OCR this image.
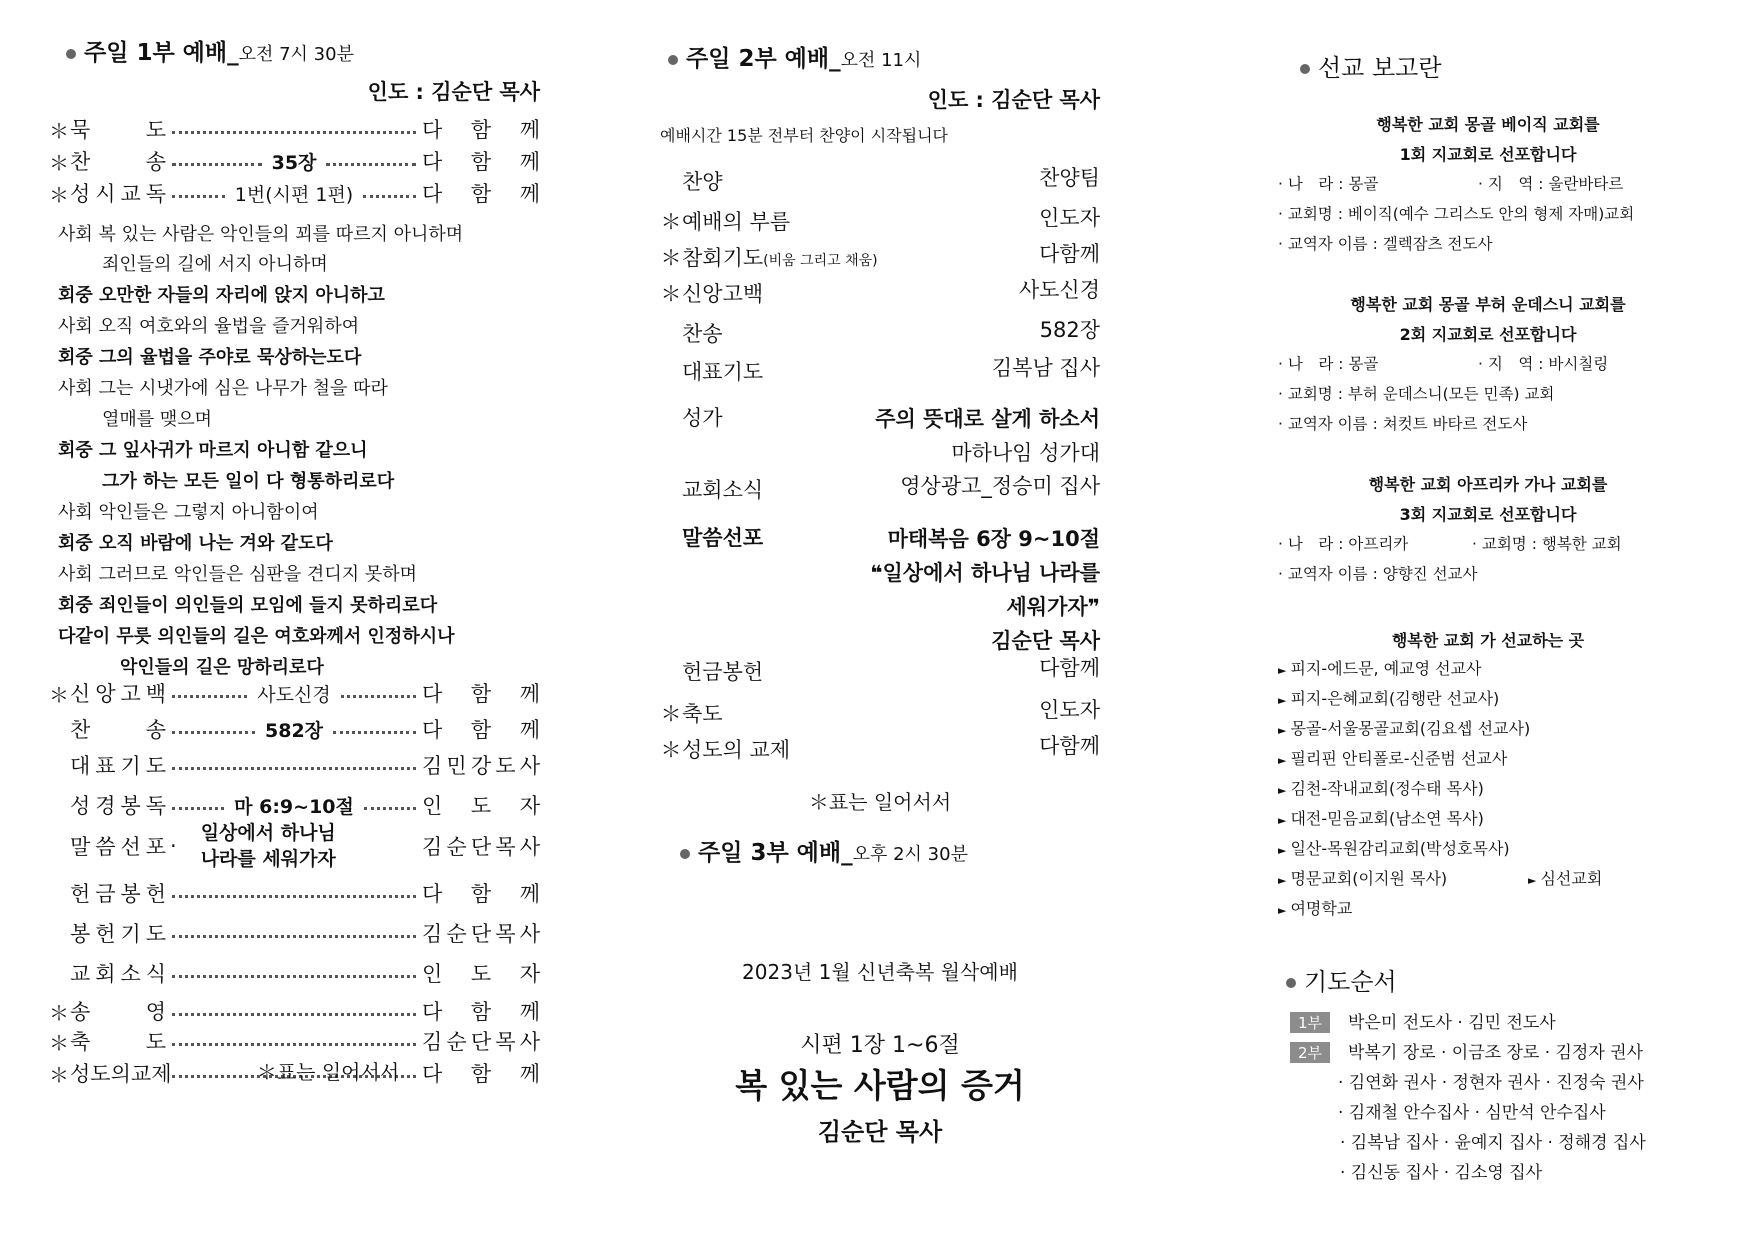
주일 1부 예배_오전 7시 30분
인도 : 김순단 목사
＊ 묵	도	다 함 께
＊ 찬	송	35장	다 함 께
＊ 성 시 교 독	1번(시편 1편)	다 함 께
사회 복 있는 사람은 악인들의 꾀를 따르지 아니하며
죄인들의 길에 서지 아니하며
회중 오만한 자들의 자리에 앉지 아니하고
사회 오직 여호와의 율법을 즐거워하여
회중 그의 율법을 주야로 묵상하는도다
사회 그는 시냇가에 심은 나무가 철을 따라
열매를 맺으며
회중 그 잎사귀가 마르지 아니함 같으니
그가 하는 모든 일이 다 형통하리로다
사회 악인들은 그렇지 아니함이여
회중 오직 바람에 나는 겨와 같도다
사회 그러므로 악인들은 심판을 견디지 못하며
회중 죄인들이 의인들의 모임에 들지 못하리로다
다같이 무릇 의인들의 길은 여호와께서 인정하시나
악인들의 길은 망하리로다
＊ 신 앙 고 백	사도신경	다 함 께
찬	송	582장	다 함 께
대 표 기 도	김 민 강 도 사
성 경 봉 독	마 6:9~10절	인 도 자
말 씀 선 포 ·
일상에서 하나님
나라를 세워가자	김 순 단 목 사
헌 금 봉 헌	다 함 께
봉 헌 기 도	김 순 단 목 사
교 회 소 식	인 도 자
＊ 송	영	다 함 께
＊ 축	도	김 순 단 목 사
＊ 성 도 의 교 제	다 함 께
＊표는 일어서서
주일 2부 예배_오전 11시
인도 : 김순단 목사
예배시간 15분 전부터 찬양이 시작됩니다
찬양	찬양팀
＊ 예배의 부름	인도자
＊ 참회기도(비움 그리고 채움)	다함께
＊ 신앙고백	사도신경
찬송	582장
대표기도	김복남 집사
성가	주의 뜻대로 살게 하소서
마하나임 성가대
교회소식	영상광고_정승미 집사
말씀선포	마태복음 6장 9~10절
❝일상에서 하나님 나라를
세워가자❞
김순단 목사
헌금봉헌	다함께
＊ 축도	인도자
＊ 성도의 교제	다함께
＊표는 일어서서
주일 3부 예배_오후 2시 30분
2023년 1월 신년축복 월삭예배
시편 1장 1~6절
복 있는 사람의 증거
김순단 목사
선교 보고란
행복한 교회 몽골 베이직 교회를
1회 지교회로 선포합니다
· 나　라 : 몽골	· 지　역 : 울란바타르
· 교회명 : 베이직(예수 그리스도 안의 형제 자매)교회
· 교역자 이름 : 겔렉잠츠 전도사
행복한 교회 몽골 부허 운데스니 교회를
2회 지교회로 선포합니다
· 나　라 : 몽골	· 지　역 : 바시칠링
· 교회명 : 부허 운데스니(모든 민족) 교회
· 교역자 이름 : 쳐컷트 바타르 전도사
행복한 교회 아프리카 가나 교회를
3회 지교회로 선포합니다
· 나　라 : 아프리카	· 교회명 : 행복한 교회
· 교역자 이름 : 양향진 선교사
행복한 교회 가 선교하는 곳
► 피지-에드문, 예교영 선교사
► 피지-은혜교회(김행란 선교사)
► 몽골-서울몽골교회(김요셉 선교사)
► 필리핀 안티폴로-신준범 선교사
► 김천-작내교회(정수태 목사)
► 대전-믿음교회(남소연 목사)
► 일산-목원감리교회(박성호목사)
► 명문교회(이지원 목사)
► 여명학교
► 심선교회
기도순서
1부 박은미 전도사 · 김민 전도사
2부 박복기 장로 · 이금조 장로 · 김정자 권사
· 김연화 권사 · 정현자 권사 · 진정숙 권사
· 김재철 안수집사 · 심만석 안수집사
· 김복남 집사 · 윤예지 집사 · 정해경 집사
· 김신동 집사 · 김소영 집사
